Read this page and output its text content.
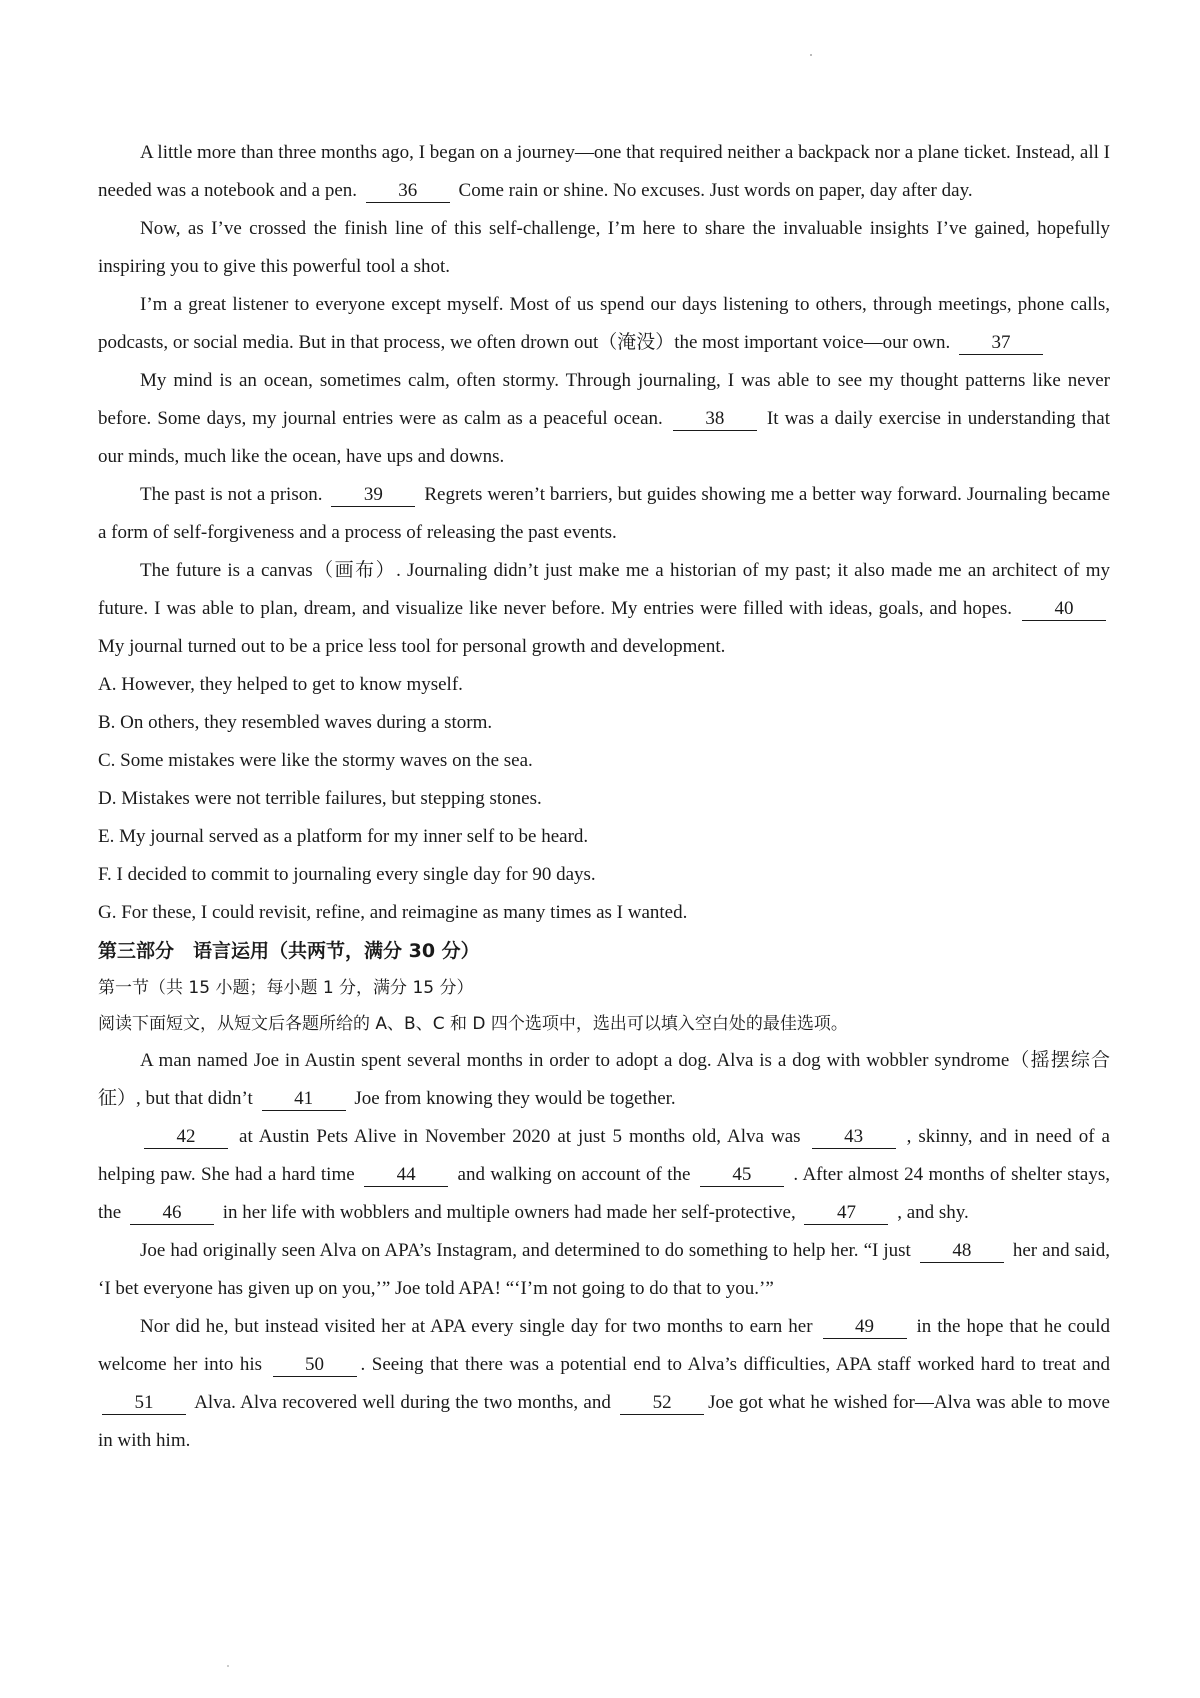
A little more than three months ago, I began on a journey—one that required neither a backpack nor a plane ticket. Instead, all I needed was a notebook and a pen. 36 Come rain or shine. No excuses. Just words on paper, day after day.

Now, as I’ve crossed the finish line of this self-challenge, I’m here to share the invaluable insights I’ve gained, hopefully inspiring you to give this powerful tool a shot.

I’m a great listener to everyone except myself. Most of us spend our days listening to others, through meetings, phone calls, podcasts, or social media. But in that process, we often drown out（淹没）the most important voice—our own. 37

My mind is an ocean, sometimes calm, often stormy. Through journaling, I was able to see my thought patterns like never before. Some days, my journal entries were as calm as a peaceful ocean. 38 It was a daily exercise in understanding that our minds, much like the ocean, have ups and downs.

The past is not a prison. 39 Regrets weren’t barriers, but guides showing me a better way forward. Journaling became a form of self-forgiveness and a process of releasing the past events.

The future is a canvas（画布）. Journaling didn’t just make me a historian of my past; it also made me an architect of my future. I was able to plan, dream, and visualize like never before. My entries were filled with ideas, goals, and hopes. 40My journal turned out to be a price less tool for personal growth and development.

A. However, they helped to get to know myself.

B. On others, they resembled waves during a storm.

C. Some mistakes were like the stormy waves on the sea.

D. Mistakes were not terrible failures, but stepping stones.

E. My journal served as a platform for my inner self to be heard.

F. I decided to commit to journaling every single day for 90 days.

G. For these, I could revisit, refine, and reimagine as many times as I wanted.

第三部分　语言运用（共两节，满分 30 分）

第一节（共 15 小题；每小题 1 分，满分 15 分）

阅读下面短文，从短文后各题所给的 A、B、C 和 D 四个选项中，选出可以填入空白处的最佳选项。

A man named Joe in Austin spent several months in order to adopt a dog. Alva is a dog with wobbler syndrome（摇摆综合征）, but that didn’t 41 Joe from knowing they would be together.

42 at Austin Pets Alive in November 2020 at just 5 months old, Alva was 43 , skinny, and in need of a helping paw. She had a hard time 44 and walking on account of the 45 . After almost 24 months of shelter stays, the 46 in her life with wobblers and multiple owners had made her self-protective, 47 , and shy.

Joe had originally seen Alva on APA’s Instagram, and determined to do something to help her. “I just 48 her and said, ‘I bet everyone has given up on you,’” Joe told APA! “‘I’m not going to do that to you.’”

Nor did he, but instead visited her at APA every single day for two months to earn her 49 in the hope that he could welcome her into his 50 . Seeing that there was a potential end to Alva’s difficulties, APA staff worked hard to treat and 51 Alva. Alva recovered well during the two months, and 52 Joe got what he wished for—Alva was able to move in with him.
